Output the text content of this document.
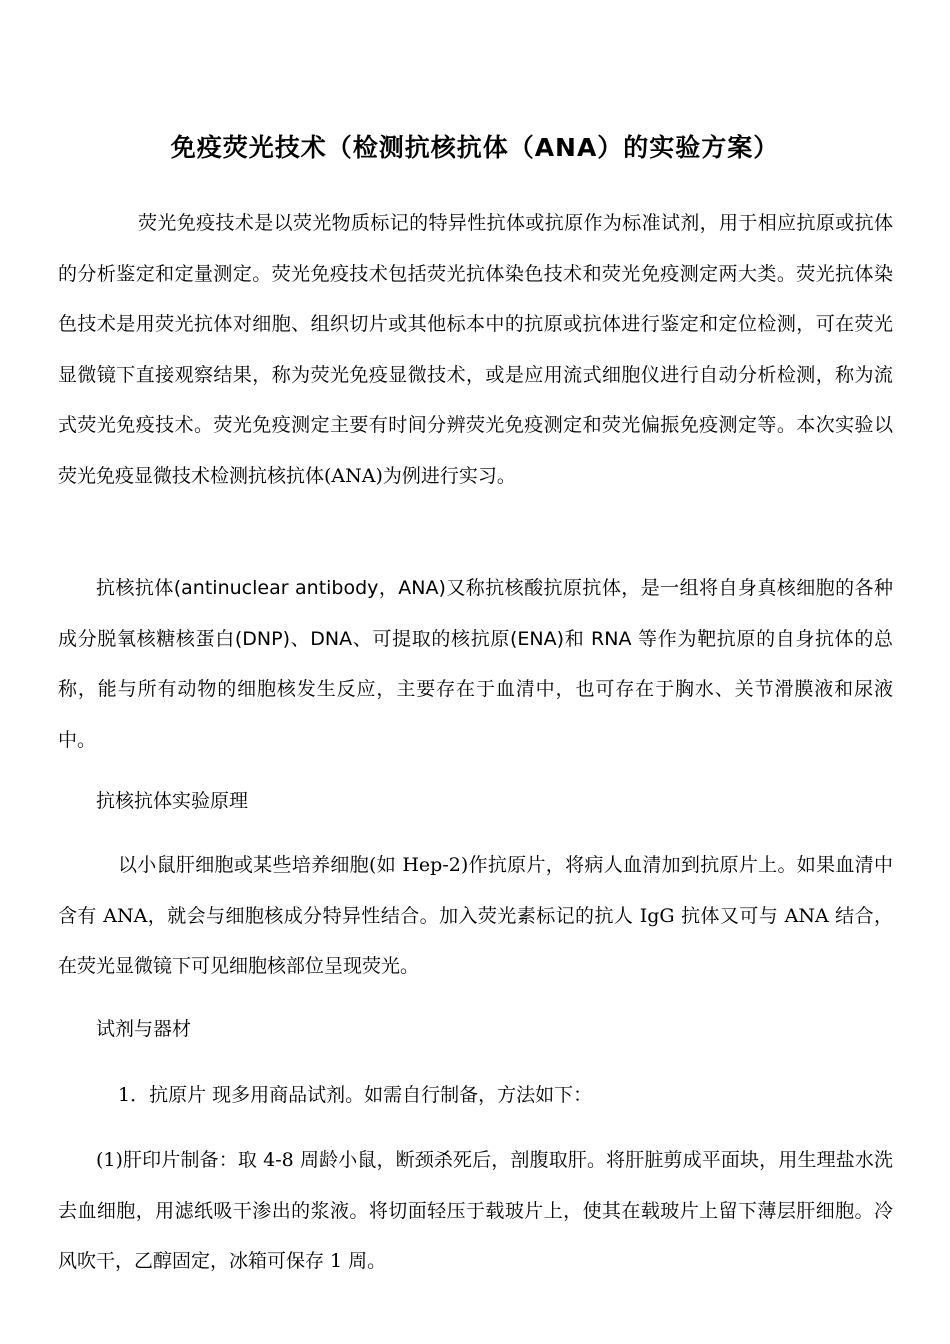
免疫荧光技术（检测抗核抗体（ANA）的实验方案）

荧光免疫技术是以荧光物质标记的特异性抗体或抗原作为标准试剂，用于相应抗原或抗体的分析鉴定和定量测定。荧光免疫技术包括荧光抗体染色技术和荧光免疫测定两大类。荧光抗体染色技术是用荧光抗体对细胞、组织切片或其他标本中的抗原或抗体进行鉴定和定位检测，可在荧光显微镜下直接观察结果，称为荧光免疫显微技术，或是应用流式细胞仪进行自动分析检测，称为流式荧光免疫技术。荧光免疫测定主要有时间分辨荧光免疫测定和荧光偏振免疫测定等。本次实验以荧光免疫显微技术检测抗核抗体(ANA)为例进行实习。

抗核抗体(antinuclear antibody，ANA)又称抗核酸抗原抗体，是一组将自身真核细胞的各种成分脱氧核糖核蛋白(DNP)、DNA、可提取的核抗原(ENA)和 RNA 等作为靶抗原的自身抗体的总称，能与所有动物的细胞核发生反应，主要存在于血清中，也可存在于胸水、关节滑膜液和尿液中。

抗核抗体实验原理

以小鼠肝细胞或某些培养细胞(如 Hep-2)作抗原片，将病人血清加到抗原片上。如果血清中含有 ANA，就会与细胞核成分特异性结合。加入荧光素标记的抗人 IgG 抗体又可与 ANA 结合，在荧光显微镜下可见细胞核部位呈现荧光。

试剂与器材

1．抗原片 现多用商品试剂。如需自行制备，方法如下：

(1)肝印片制备：取 4-8 周龄小鼠，断颈杀死后，剖腹取肝。将肝脏剪成平面块，用生理盐水洗去血细胞，用滤纸吸干渗出的浆液。将切面轻压于载玻片上，使其在载玻片上留下薄层肝细胞。冷风吹干，乙醇固定，冰箱可保存 1 周。
